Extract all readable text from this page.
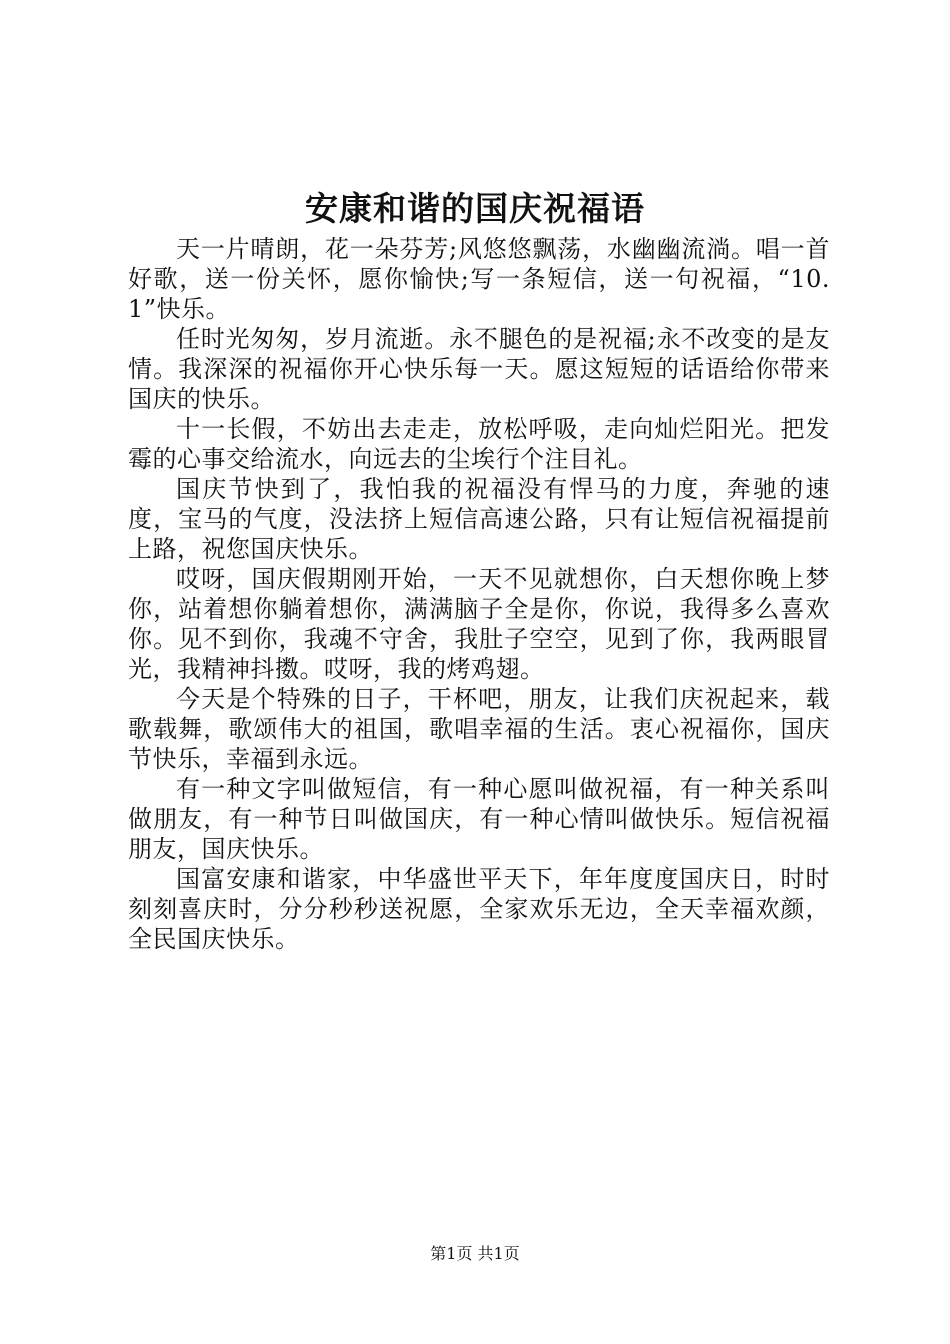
安康和谐的国庆祝福语

天一片晴朗，花一朵芬芳;风悠悠飘荡，水幽幽流淌。唱一首好歌，送一份关怀，愿你愉快;写一条短信，送一句祝福，“10.1”快乐。

任时光匆匆，岁月流逝。永不腿色的是祝福;永不改变的是友情。我深深的祝福你开心快乐每一天。愿这短短的话语给你带来国庆的快乐。

十一长假，不妨出去走走，放松呼吸，走向灿烂阳光。把发霉的心事交给流水，向远去的尘埃行个注目礼。

国庆节快到了，我怕我的祝福没有悍马的力度，奔驰的速度，宝马的气度，没法挤上短信高速公路，只有让短信祝福提前上路，祝您国庆快乐。

哎呀，国庆假期刚开始，一天不见就想你，白天想你晚上梦你，站着想你躺着想你，满满脑子全是你，你说，我得多么喜欢你。见不到你，我魂不守舍，我肚子空空，见到了你，我两眼冒光，我精神抖擞。哎呀，我的烤鸡翅。

今天是个特殊的日子，干杯吧，朋友，让我们庆祝起来，载歌载舞，歌颂伟大的祖国，歌唱幸福的生活。衷心祝福你，国庆节快乐，幸福到永远。

有一种文字叫做短信，有一种心愿叫做祝福，有一种关系叫做朋友，有一种节日叫做国庆，有一种心情叫做快乐。短信祝福朋友，国庆快乐。

国富安康和谐家，中华盛世平天下，年年度度国庆日，时时刻刻喜庆时，分分秒秒送祝愿，全家欢乐无边，全天幸福欢颜，全民国庆快乐。

第1页 共1页
